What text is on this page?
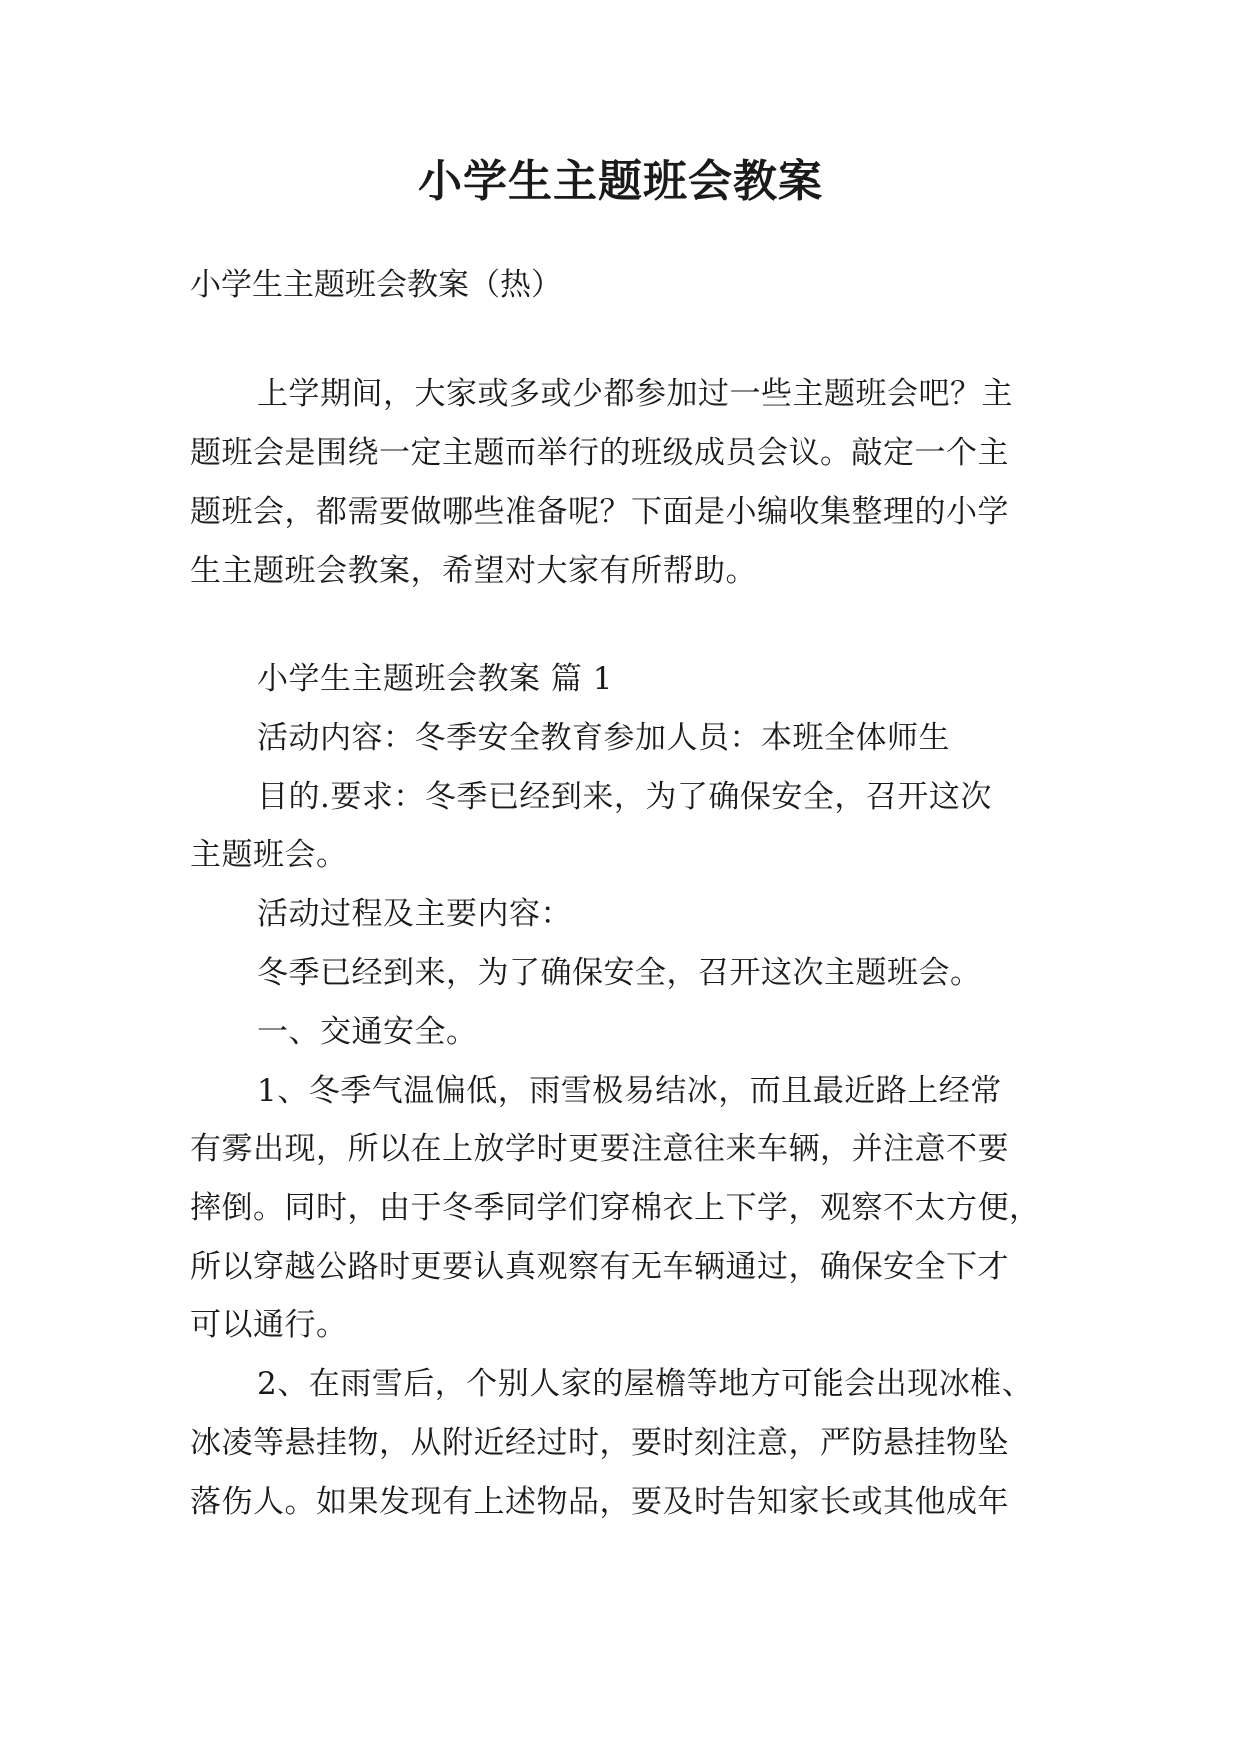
小学生主题班会教案

小学生主题班会教案（热）

上学期间，大家或多或少都参加过一些主题班会吧？主

题班会是围绕一定主题而举行的班级成员会议。敲定一个主

题班会，都需要做哪些准备呢？下面是小编收集整理的小学

生主题班会教案，希望对大家有所帮助。

小学生主题班会教案 篇 1

活动内容：冬季安全教育参加人员：本班全体师生

目的.要求：冬季已经到来，为了确保安全，召开这次

主题班会。

活动过程及主要内容：

冬季已经到来，为了确保安全，召开这次主题班会。

一、交通安全。

1、冬季气温偏低，雨雪极易结冰，而且最近路上经常

有雾出现，所以在上放学时更要注意往来车辆，并注意不要

摔倒。同时，由于冬季同学们穿棉衣上下学，观察不太方便，

所以穿越公路时更要认真观察有无车辆通过，确保安全下才

可以通行。

2、在雨雪后，个别人家的屋檐等地方可能会出现冰椎、

冰凌等悬挂物，从附近经过时，要时刻注意，严防悬挂物坠

落伤人。如果发现有上述物品，要及时告知家长或其他成年
